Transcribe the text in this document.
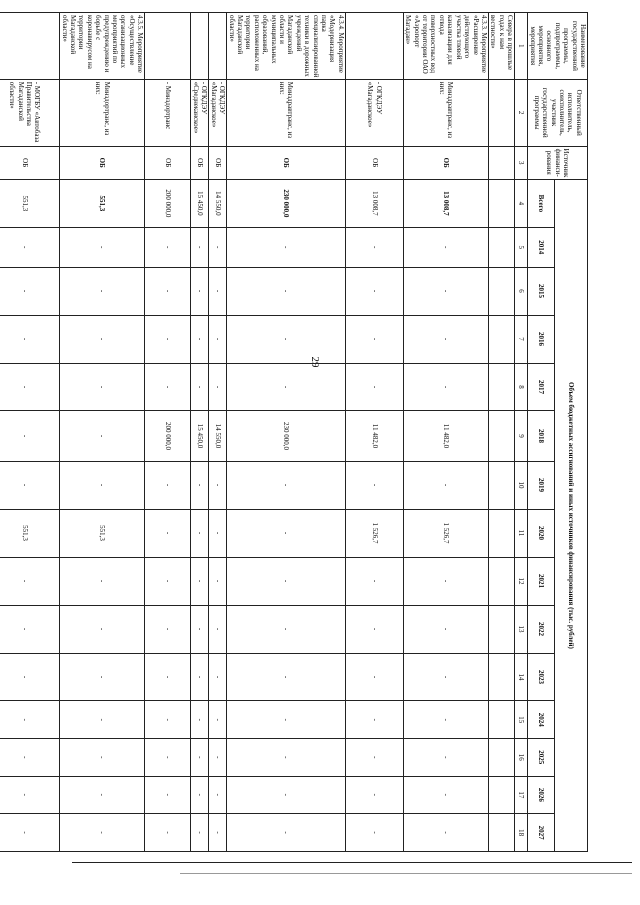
29
Наименование государственной программы, подпрограммы, основного мероприятия, мероприятия	Ответственный исполнитель, соисполнитель, участник государственной программы	Источник финанси-рования	Объем бюджетных ассигнований и иных источников финансирования (тыс. рублей)														
			Всего	2014	2015	2016	2017	2018	2019	2020	2021	2022	2023	2024	2025	2026	2027
1	2	3	4	5	6	7	8	9	10	11	12	13	14	15	16	17	18
Севера в прошлые годах к нам вестности»																	
4.3.3. Мероприятие «Расширение действующего участка тлевой канализации для отвода поверхностных вод от территории ОАО «Аэропорт Магадан»	Минздравтранс, из них:	ОБ	13 008,7	-	-	-	-	11 482,0	-	1 526,7	-	-	-	-	-	-	-
	- ОГКДЭУ «Магаданское»	ОБ	13 008,7	-	-	-	-	11 482,0	-	1 526,7	-	-	-	-	-	-	-
4.3.4. Мероприятие «Модернизация парка специализированной техники в дорожных учреждений Магаданской области и муниципальных образований, расположенных на территории Магаданской области»	Минздравтранс, из них:	ОБ	230 000,0	-	-	-	-	230 000,0	-	-	-	-	-	-	-	-	-
	- ОГКДЭУ «Магаданское»	ОБ	14 550,0	-	-	-	-	14 550,0	-	-	-	-	-	-	-	-	-
	- ОГКДЭУ «Среднеканское»	ОБ	15 450,0	-	-	-	-	15 450,0	-	-	-	-	-	-	-	-	-
	- Минздортранс	ОБ	200 000,0	-	-	-	-	200 000,0	-	-	-	-	-	-	-	-	-
4.3.5. Мероприятие «Осуществление организационных мероприятий по предупреждению и борьбе с коронавирусом на территории Магаданской области»	Минздортранс, из них:	ОБ	551,3	-	-	-	-	-	-	551,3	-	-	-	-	-	-	-
	- МОГБУ «Автобаза Правительства Магаданской области»	ОБ	551,3	-	-	-	-	-	-	551,3	-	-	-	-	-	-	-
